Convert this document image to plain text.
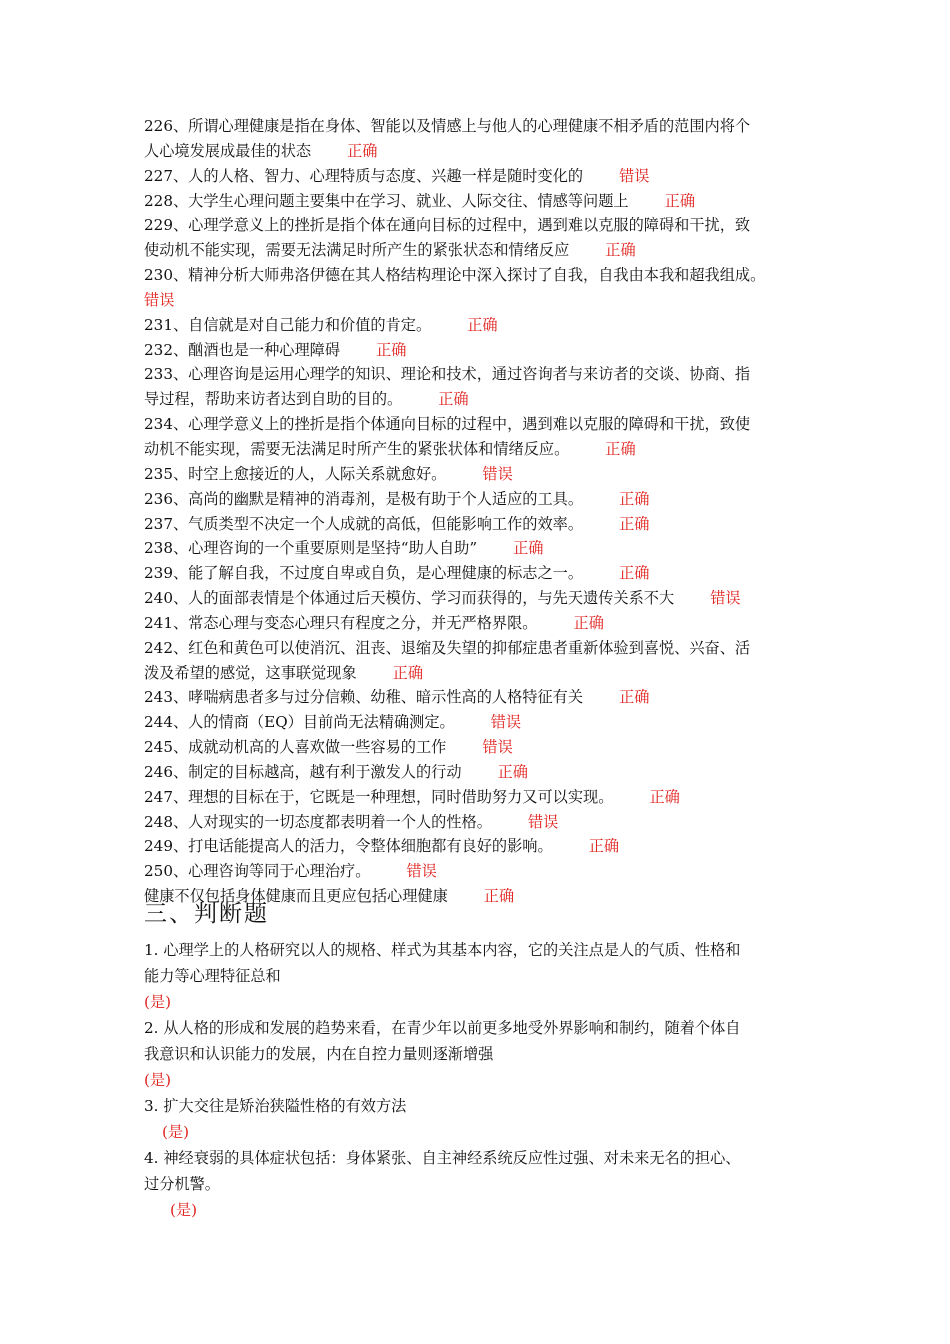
226、所谓心理健康是指在身体、智能以及情感上与他人的心理健康不相矛盾的范围内将个
人心境发展成最佳的状态 正确
227、人的人格、智力、心理特质与态度、兴趣一样是随时变化的 错误
228、大学生心理问题主要集中在学习、就业、人际交往、情感等问题上 正确
229、心理学意义上的挫折是指个体在通向目标的过程中，遇到难以克服的障碍和干扰，致
使动机不能实现，需要无法满足时所产生的紧张状态和情绪反应 正确
230、精神分析大师弗洛伊德在其人格结构理论中深入探讨了自我，自我由本我和超我组成。
错误
231、自信就是对自己能力和价值的肯定。 正确
232、酗酒也是一种心理障碍 正确
233、心理咨询是运用心理学的知识、理论和技术，通过咨询者与来访者的交谈、协商、指
导过程，帮助来访者达到自助的目的。 正确
234、心理学意义上的挫折是指个体通向目标的过程中，遇到难以克服的障碍和干扰，致使
动机不能实现，需要无法满足时所产生的紧张状体和情绪反应。 正确
235、时空上愈接近的人，人际关系就愈好。 错误
236、高尚的幽默是精神的消毒剂，是极有助于个人适应的工具。 正确
237、气质类型不决定一个人成就的高低，但能影响工作的效率。 正确
238、心理咨询的一个重要原则是坚持“助人自助” 正确
239、能了解自我，不过度自卑或自负，是心理健康的标志之一。 正确
240、人的面部表情是个体通过后天模仿、学习而获得的，与先天遗传关系不大 错误
241、常态心理与变态心理只有程度之分，并无严格界限。 正确
242、红色和黄色可以使消沉、沮丧、退缩及失望的抑郁症患者重新体验到喜悦、兴奋、活
泼及希望的感觉，这事联觉现象 正确
243、哮喘病患者多与过分信赖、幼稚、暗示性高的人格特征有关 正确
244、人的情商（EQ）目前尚无法精确测定。 错误
245、成就动机高的人喜欢做一些容易的工作 错误
246、制定的目标越高，越有利于激发人的行动 正确
247、理想的目标在于，它既是一种理想，同时借助努力又可以实现。 正确
248、人对现实的一切态度都表明着一个人的性格。 错误
249、打电话能提高人的活力，令整体细胞都有良好的影响。 正确
250、心理咨询等同于心理治疗。 错误
健康不仅包括身体健康而且更应包括心理健康 正确
三、判断题
1. 心理学上的人格研究以人的规格、样式为其基本内容，它的关注点是人的气质、性格和
能力等心理特征总和
(是)
2. 从人格的形成和发展的趋势来看，在青少年以前更多地受外界影响和制约，随着个体自
我意识和认识能力的发展，内在自控力量则逐渐增强
(是)
3. 扩大交往是矫治狭隘性格的有效方法
(是)
4. 神经衰弱的具体症状包括：身体紧张、自主神经系统反应性过强、对未来无名的担心、
过分机警。
(是)
